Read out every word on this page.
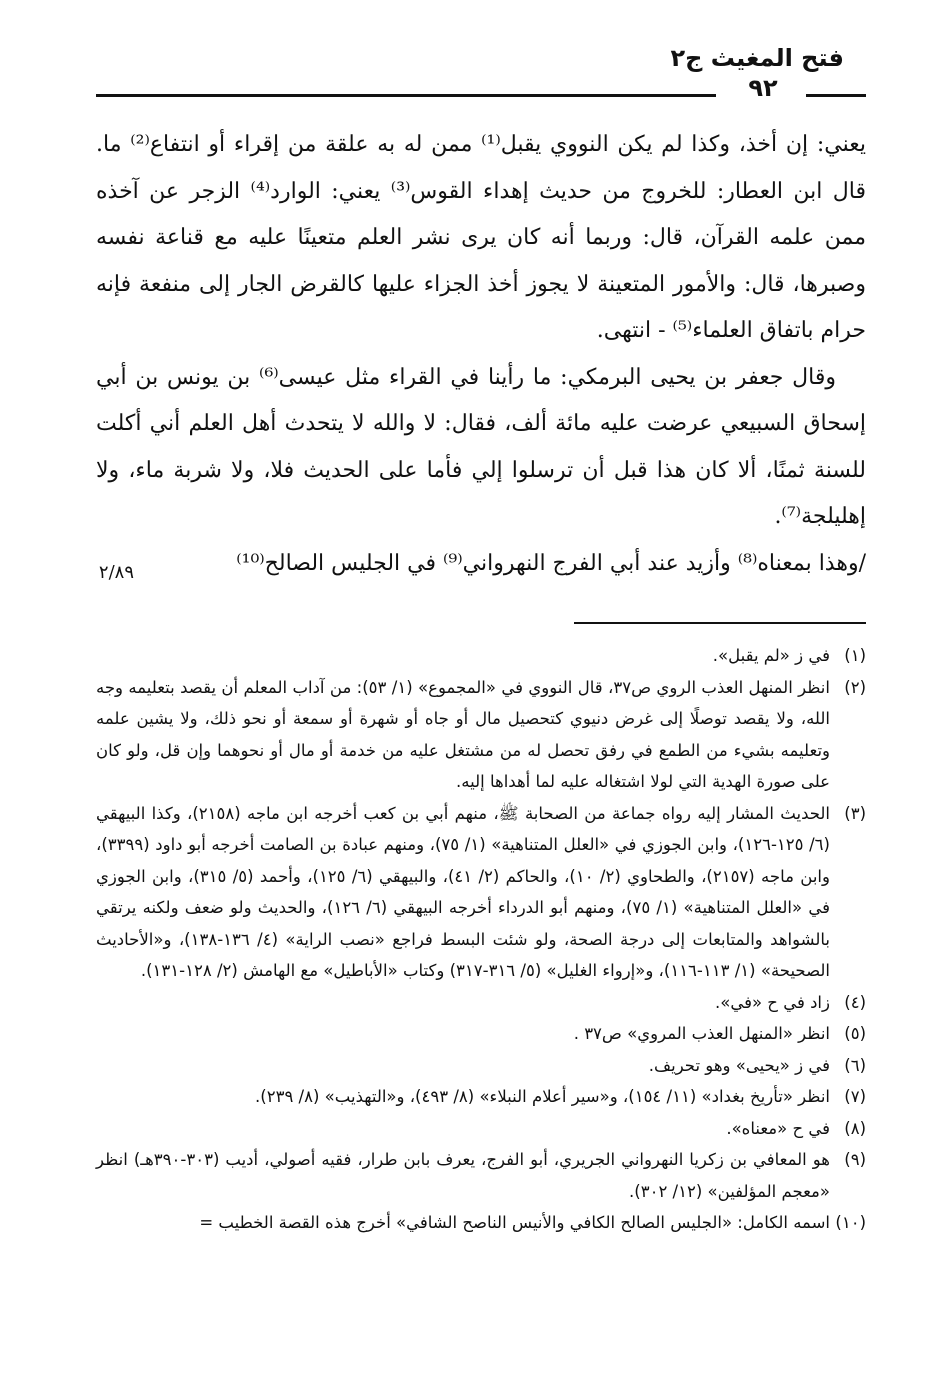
فتح المغيث ج٢
٩٢

يعني: إن أخذ، وكذا لم يكن النووي يقبل⁽¹⁾ ممن له به علقة من إقراء أو انتفاع⁽²⁾ ما. قال ابن العطار: للخروج من حديث إهداء القوس⁽³⁾ يعني: الوارد⁽⁴⁾ الزجر عن آخذه ممن علمه القرآن، قال: وربما أنه كان يرى نشر العلم متعينًا عليه مع قناعة نفسه وصبرها، قال: والأمور المتعينة لا يجوز أخذ الجزاء عليها كالقرض الجار إلى منفعة فإنه حرام باتفاق العلماء⁽⁵⁾ - انتهى.

وقال جعفر بن يحيى البرمكي: ما رأينا في القراء مثل عيسى⁽⁶⁾ بن يونس بن أبي إسحاق السبيعي عرضت عليه مائة ألف، فقال: لا والله لا يتحدث أهل العلم أني أكلت للسنة ثمنًا، ألا كان هذا قبل أن ترسلوا إلي فأما على الحديث فلا، ولا شربة ماء، ولا إهليلجة⁽⁷⁾.

/وهذا بمعناه⁽⁸⁾ وأزيد عند أبي الفرج النهرواني⁽⁹⁾ في الجليس الصالح⁽¹⁰⁾

٢/٨٩
(١)
في ز «لم يقبل».
(٢)
انظر المنهل العذب الروي ص٣٧، قال النووي في «المجموع» (١/ ٥٣): من آداب المعلم أن يقصد بتعليمه وجه الله، ولا يقصد توصلًا إلى غرض دنيوي كتحصيل مال أو جاه أو شهرة أو سمعة أو نحو ذلك، ولا يشين علمه وتعليمه بشيء من الطمع في رفق تحصل له من مشتغل عليه من خدمة أو مال أو نحوهما وإن قل، ولو كان على صورة الهدية التي لولا اشتغاله عليه لما أهداها إليه.
(٣)
الحديث المشار إليه رواه جماعة من الصحابة ﷺ، منهم أبي بن كعب أخرجه ابن ماجه (٢١٥٨)، وكذا البيهقي (٦/ ١٢٥-١٢٦)، وابن الجوزي في «العلل المتناهية» (١/ ٧٥)، ومنهم عبادة بن الصامت أخرجه أبو داود (٣٣٩٩)، وابن ماجه (٢١٥٧)، والطحاوي (٢/ ١٠)، والحاكم (٢/ ٤١)، والبيهقي (٦/ ١٢٥)، وأحمد (٥/ ٣١٥)، وابن الجوزي في «العلل المتناهية» (١/ ٧٥)، ومنهم أبو الدرداء أخرجه البيهقي (٦/ ١٢٦)، والحديث ولو ضعف ولكنه يرتقي بالشواهد والمتابعات إلى درجة الصحة، ولو شئت البسط فراجع «نصب الراية» (٤/ ١٣٦-١٣٨)، و«الأحاديث الصحيحة» (١/ ١١٣-١١٦)، و«إرواء الغليل» (٥/ ٣١٦-٣١٧) وكتاب «الأباطيل» مع الهامش (٢/ ١٢٨-١٣١).
(٤)
زاد في ح «في».
(٥)
انظر «المنهل العذب المروي» ص٣٧ .
(٦)
في ز «يحيى» وهو تحريف.
(٧)
انظر «تأريخ بغداد» (١١/ ١٥٤)، و«سير أعلام النبلاء» (٨/ ٤٩٣)، و«التهذيب» (٨/ ٢٣٩).
(٨)
في ح «معناه».
(٩)
هو المعافي بن زكريا النهرواني الجريري، أبو الفرج، يعرف بابن طرار، فقيه أصولي، أديب (٣٠٣-٣٩٠هـ) انظر «معجم المؤلفين» (١٢/ ٣٠٢).
(١٠)
اسمه الكامل: «الجليس الصالح الكافي والأنيس الناصح الشافي» أخرج هذه القصة الخطيب =
